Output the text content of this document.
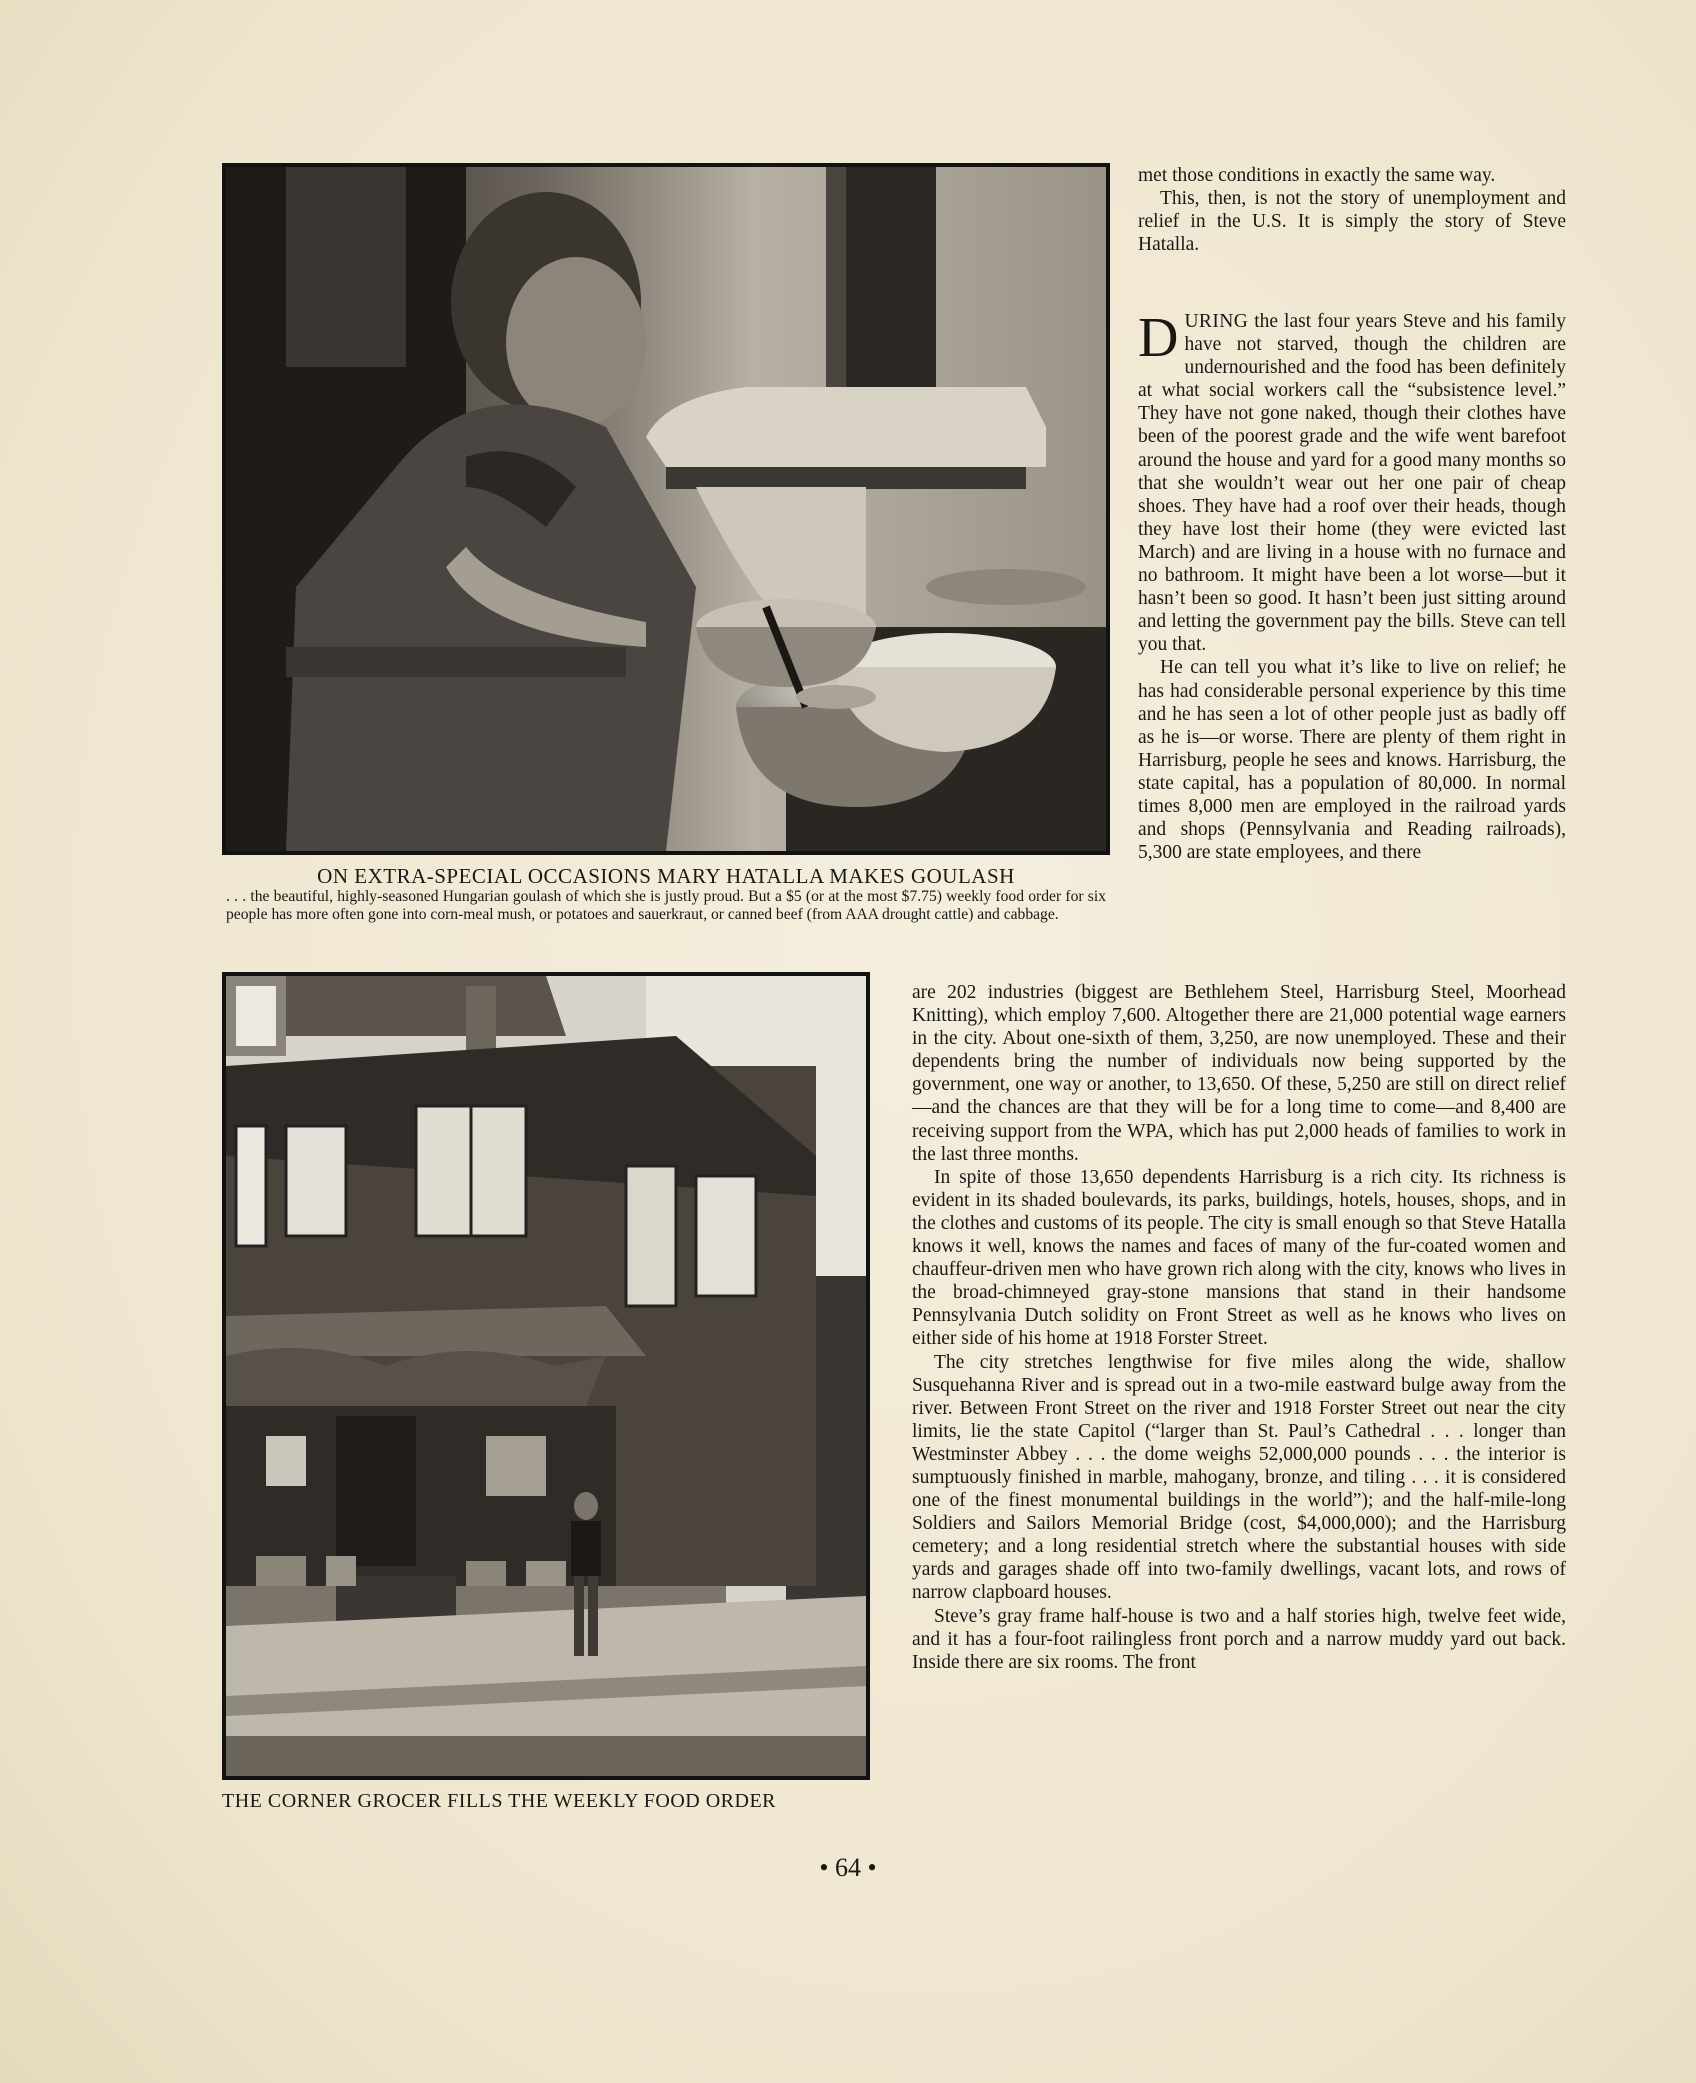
ON EXTRA-SPECIAL OCCASIONS MARY HATALLA MAKES GOULASH
. . . the beautiful, highly-seasoned Hungarian goulash of which she is justly proud. But a $5 (or at the most $7.75) weekly food order for six people has more often gone into corn-meal mush, or potatoes and sauerkraut, or canned beef (from AAA drought cattle) and cabbage.
THE CORNER GROCER FILLS THE WEEKLY FOOD ORDER

met those conditions in exactly the same way.

This, then, is not the story of unemployment and relief in the U.S. It is simply the story of Steve Hatalla.

DURING the last four years Steve and his family have not starved, though the children are undernourished and the food has been definitely at what social workers call the “subsistence level.” They have not gone naked, though their clothes have been of the poorest grade and the wife went barefoot around the house and yard for a good many months so that she wouldn’t wear out her one pair of cheap shoes. They have had a roof over their heads, though they have lost their home (they were evicted last March) and are living in a house with no furnace and no bathroom. It might have been a lot worse—but it hasn’t been so good. It hasn’t been just sitting around and letting the government pay the bills. Steve can tell you that.

He can tell you what it’s like to live on relief; he has had considerable personal experience by this time and he has seen a lot of other people just as badly off as he is—or worse. There are plenty of them right in Harrisburg, people he sees and knows. Harrisburg, the state capital, has a population of 80,000. In normal times 8,000 men are employed in the railroad yards and shops (Pennsylvania and Reading railroads), 5,300 are state employees, and there

are 202 industries (biggest are Bethlehem Steel, Harrisburg Steel, Moorhead Knitting), which employ 7,600. Altogether there are 21,000 potential wage earners in the city. About one-sixth of them, 3,250, are now unemployed. These and their dependents bring the number of individuals now being supported by the government, one way or another, to 13,650. Of these, 5,250 are still on direct relief—and the chances are that they will be for a long time to come—and 8,400 are receiving support from the WPA, which has put 2,000 heads of families to work in the last three months.

In spite of those 13,650 dependents Harrisburg is a rich city. Its richness is evident in its shaded boulevards, its parks, buildings, hotels, houses, shops, and in the clothes and customs of its people. The city is small enough so that Steve Hatalla knows it well, knows the names and faces of many of the fur-coated women and chauffeur-driven men who have grown rich along with the city, knows who lives in the broad-chimneyed gray-stone mansions that stand in their handsome Pennsylvania Dutch solidity on Front Street as well as he knows who lives on either side of his home at 1918 Forster Street.

The city stretches lengthwise for five miles along the wide, shallow Susquehanna River and is spread out in a two-mile eastward bulge away from the river. Between Front Street on the river and 1918 Forster Street out near the city limits, lie the state Capitol (“larger than St. Paul’s Cathedral . . . longer than Westminster Abbey . . . the dome weighs 52,000,000 pounds . . . the interior is sumptuously finished in marble, mahogany, bronze, and tiling . . . it is considered one of the finest monumental buildings in the world”); and the half-mile-long Soldiers and Sailors Memorial Bridge (cost, $4,000,000); and the Harrisburg cemetery; and a long residential stretch where the substantial houses with side yards and garages shade off into two-family dwellings, vacant lots, and rows of narrow clapboard houses.

Steve’s gray frame half-house is two and a half stories high, twelve feet wide, and it has a four-foot railingless front porch and a narrow muddy yard out back. Inside there are six rooms. The front

• 64 •
